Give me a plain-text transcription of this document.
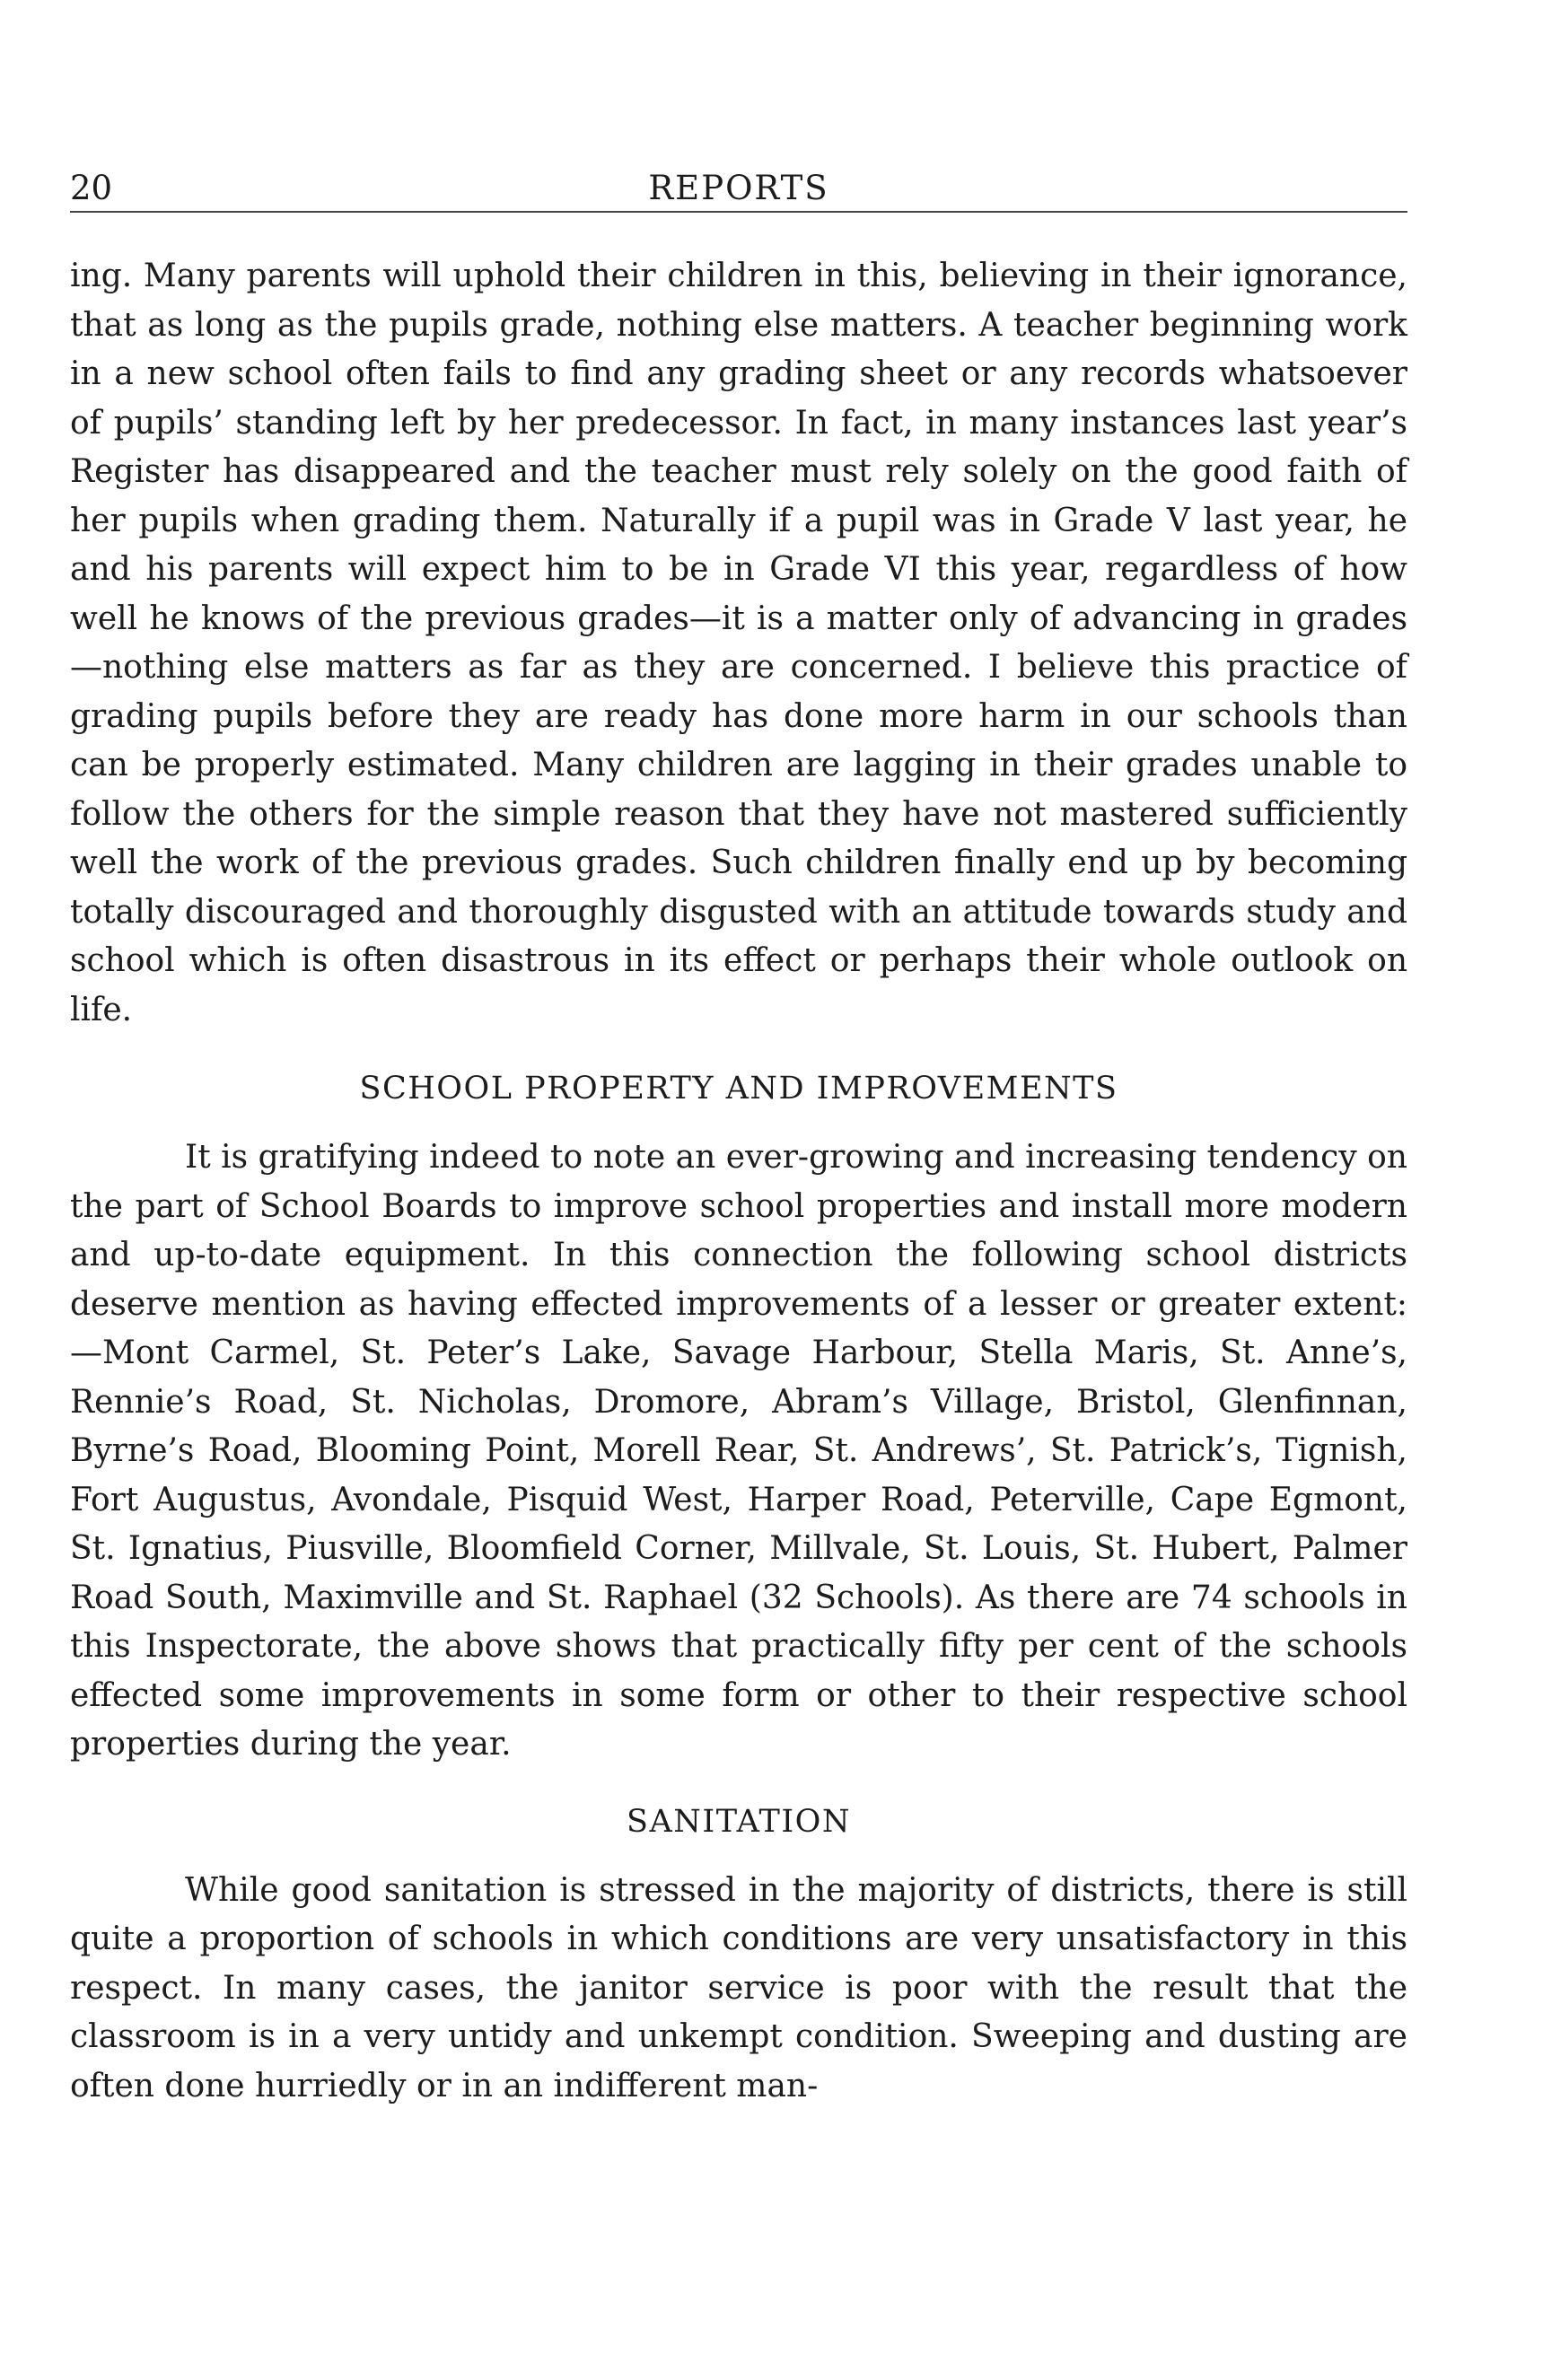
20	REPORTS

ing. Many parents will uphold their children in this, believing in their ignorance, that as long as the pupils grade, nothing else matters. A teacher beginning work in a new school often fails to find any grading sheet or any records whatsoever of pupils’ standing left by her predecessor. In fact, in many instances last year’s Register has disappeared and the teacher must rely solely on the good faith of her pupils when grading them. Naturally if a pupil was in Grade V last year, he and his parents will expect him to be in Grade VI this year, regardless of how well he knows of the previous grades—it is a matter only of advancing in grades—nothing else matters as far as they are concerned. I believe this practice of grading pupils before they are ready has done more harm in our schools than can be properly estimated. Many children are lagging in their grades unable to follow the others for the simple reason that they have not mastered sufficiently well the work of the previous grades. Such children finally end up by becoming totally discouraged and thoroughly disgusted with an attitude towards study and school which is often disastrous in its effect or perhaps their whole outlook on life.

SCHOOL PROPERTY AND IMPROVEMENTS

It is gratifying indeed to note an ever-growing and increasing tendency on the part of School Boards to improve school properties and install more modern and up-to-date equipment. In this connection the following school districts deserve mention as having effected improvements of a lesser or greater extent:—Mont Carmel, St. Peter’s Lake, Savage Harbour, Stella Maris, St. Anne’s, Rennie’s Road, St. Nicholas, Dromore, Abram’s Village, Bristol, Glenfinnan, Byrne’s Road, Blooming Point, Morell Rear, St. Andrews’, St. Patrick’s, Tignish, Fort Augustus, Avondale, Pisquid West, Harper Road, Peterville, Cape Egmont, St. Ignatius, Piusville, Bloomfield Corner, Millvale, St. Louis, St. Hubert, Palmer Road South, Maximville and St. Raphael (32 Schools). As there are 74 schools in this Inspectorate, the above shows that practically fifty per cent of the schools effected some improvements in some form or other to their respective school properties during the year.

SANITATION

While good sanitation is stressed in the majority of districts, there is still quite a proportion of schools in which conditions are very unsatisfactory in this respect. In many cases, the janitor service is poor with the result that the classroom is in a very untidy and unkempt condition. Sweeping and dusting are often done hurriedly or in an indifferent man-
